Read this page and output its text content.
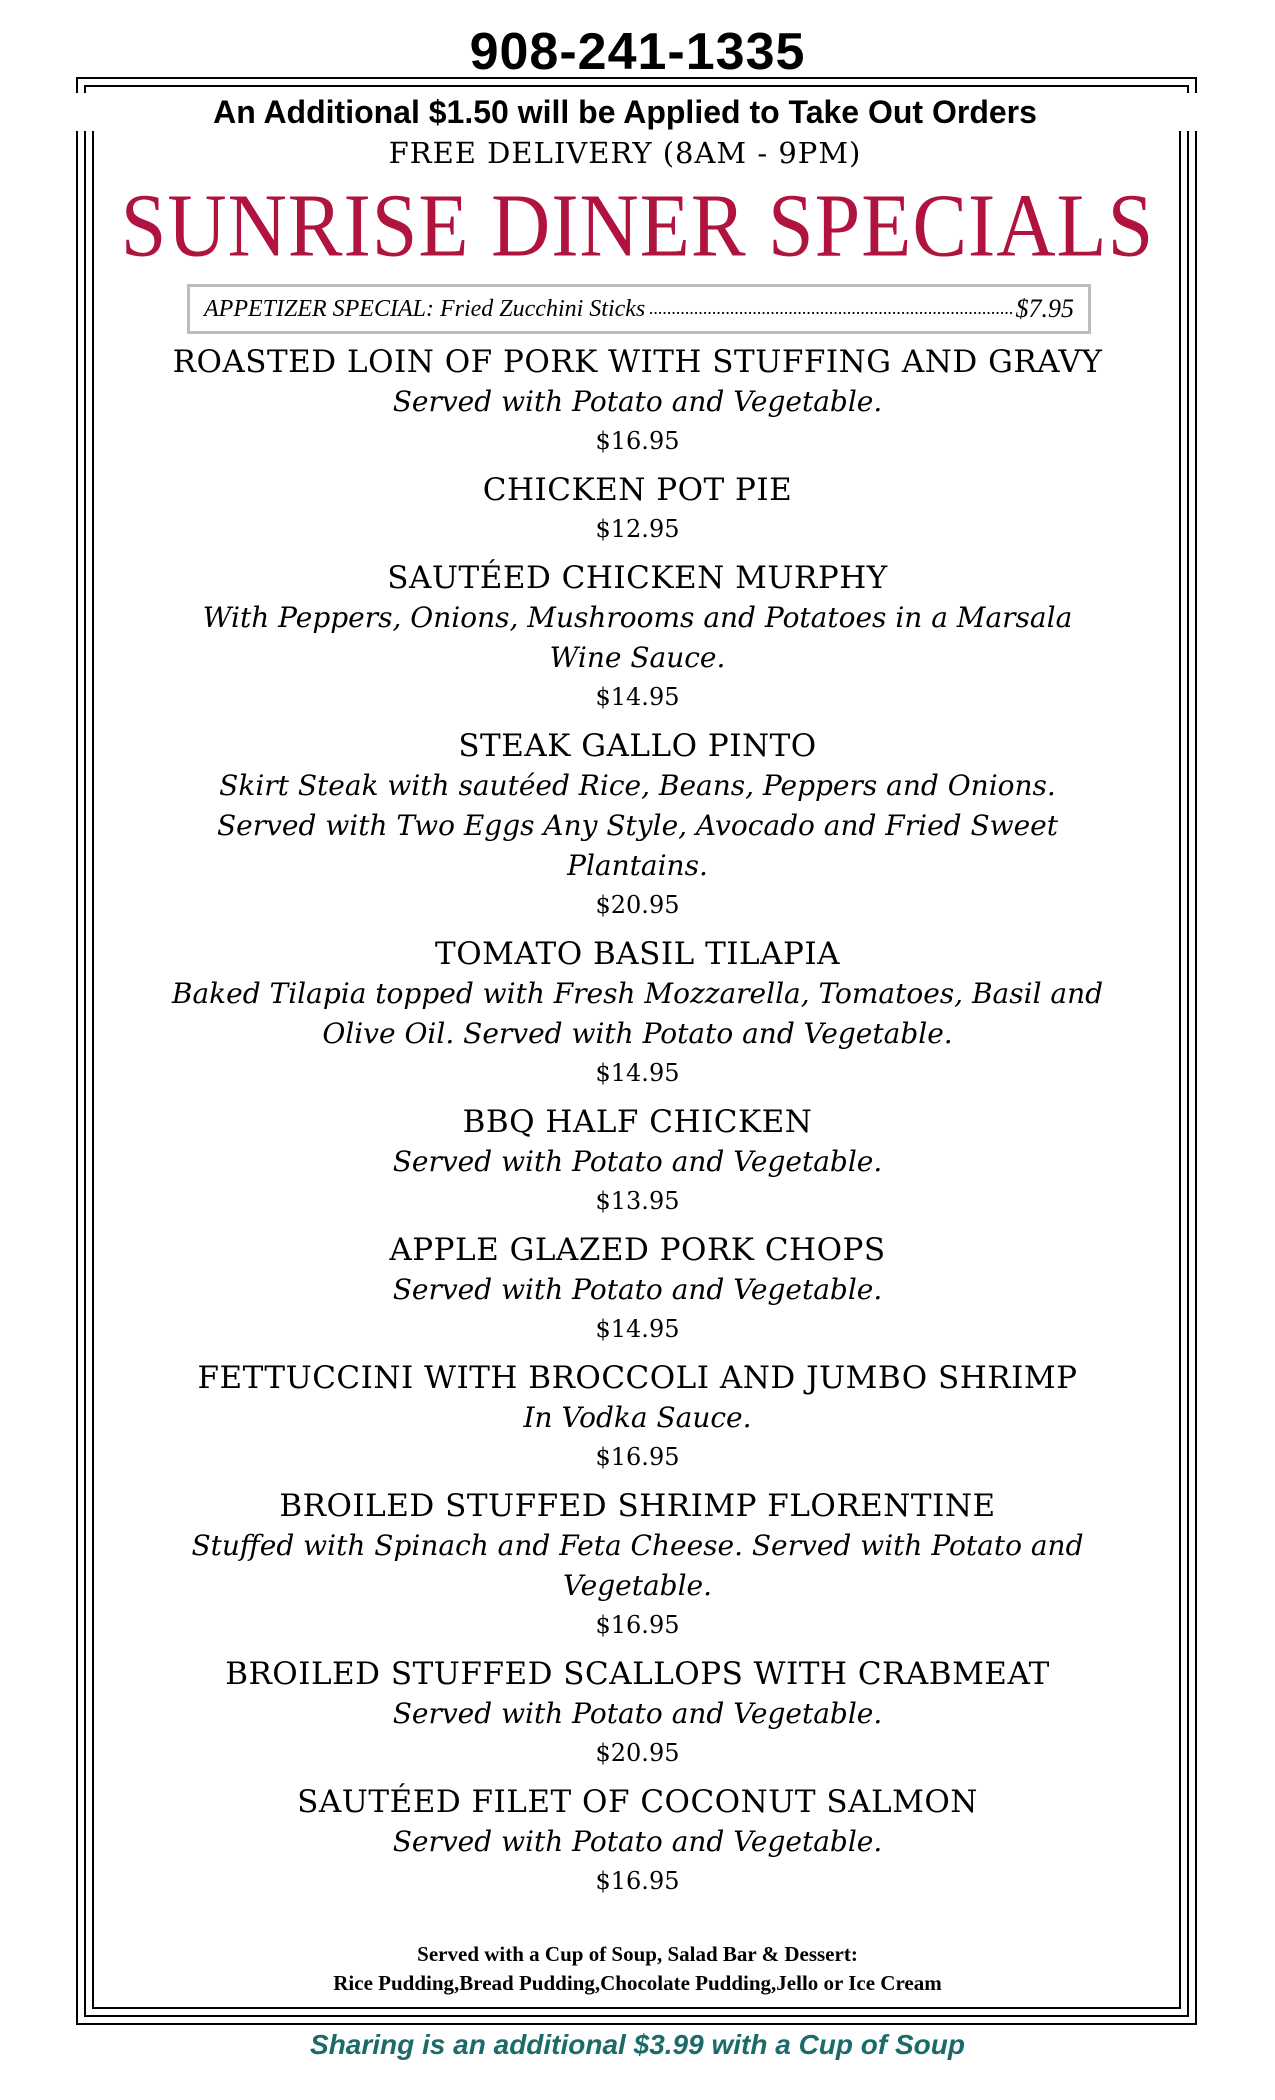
908-241-1335
An Additional $1.50 will be Applied to Take Out Orders
FREE DELIVERY (8AM - 9PM)
SUNRISE DINER SPECIALS
APPETIZER SPECIAL: Fried Zucchini Sticks
.....	$7.95
ROASTED LOIN OF PORK WITH STUFFING AND GRAVY
Served with Potato and Vegetable.
$16.95
CHICKEN POT PIE
$12.95
SAUTÉED CHICKEN MURPHY
With Peppers, Onions, Mushrooms and Potatoes in a Marsala Wine Sauce.
$14.95
STEAK GALLO PINTO
Skirt Steak with sautéed Rice, Beans, Peppers and Onions. Served with Two Eggs Any Style, Avocado and Fried Sweet Plantains.
$20.95
TOMATO BASIL TILAPIA
Baked Tilapia topped with Fresh Mozzarella, Tomatoes, Basil and Olive Oil. Served with Potato and Vegetable.
$14.95
BBQ HALF CHICKEN
Served with Potato and Vegetable.
$13.95
APPLE GLAZED PORK CHOPS
Served with Potato and Vegetable.
$14.95
FETTUCCINI WITH BROCCOLI AND JUMBO SHRIMP
In Vodka Sauce.
$16.95
BROILED STUFFED SHRIMP FLORENTINE
Stuffed with Spinach and Feta Cheese. Served with Potato and Vegetable.
$16.95
BROILED STUFFED SCALLOPS WITH CRABMEAT
Served with Potato and Vegetable.
$20.95
SAUTÉED FILET OF COCONUT SALMON
Served with Potato and Vegetable.
$16.95
Served with a Cup of Soup, Salad Bar & Dessert:
Rice Pudding,Bread Pudding,Chocolate Pudding,Jello or Ice Cream
Sharing is an additional $3.99 with a Cup of Soup
